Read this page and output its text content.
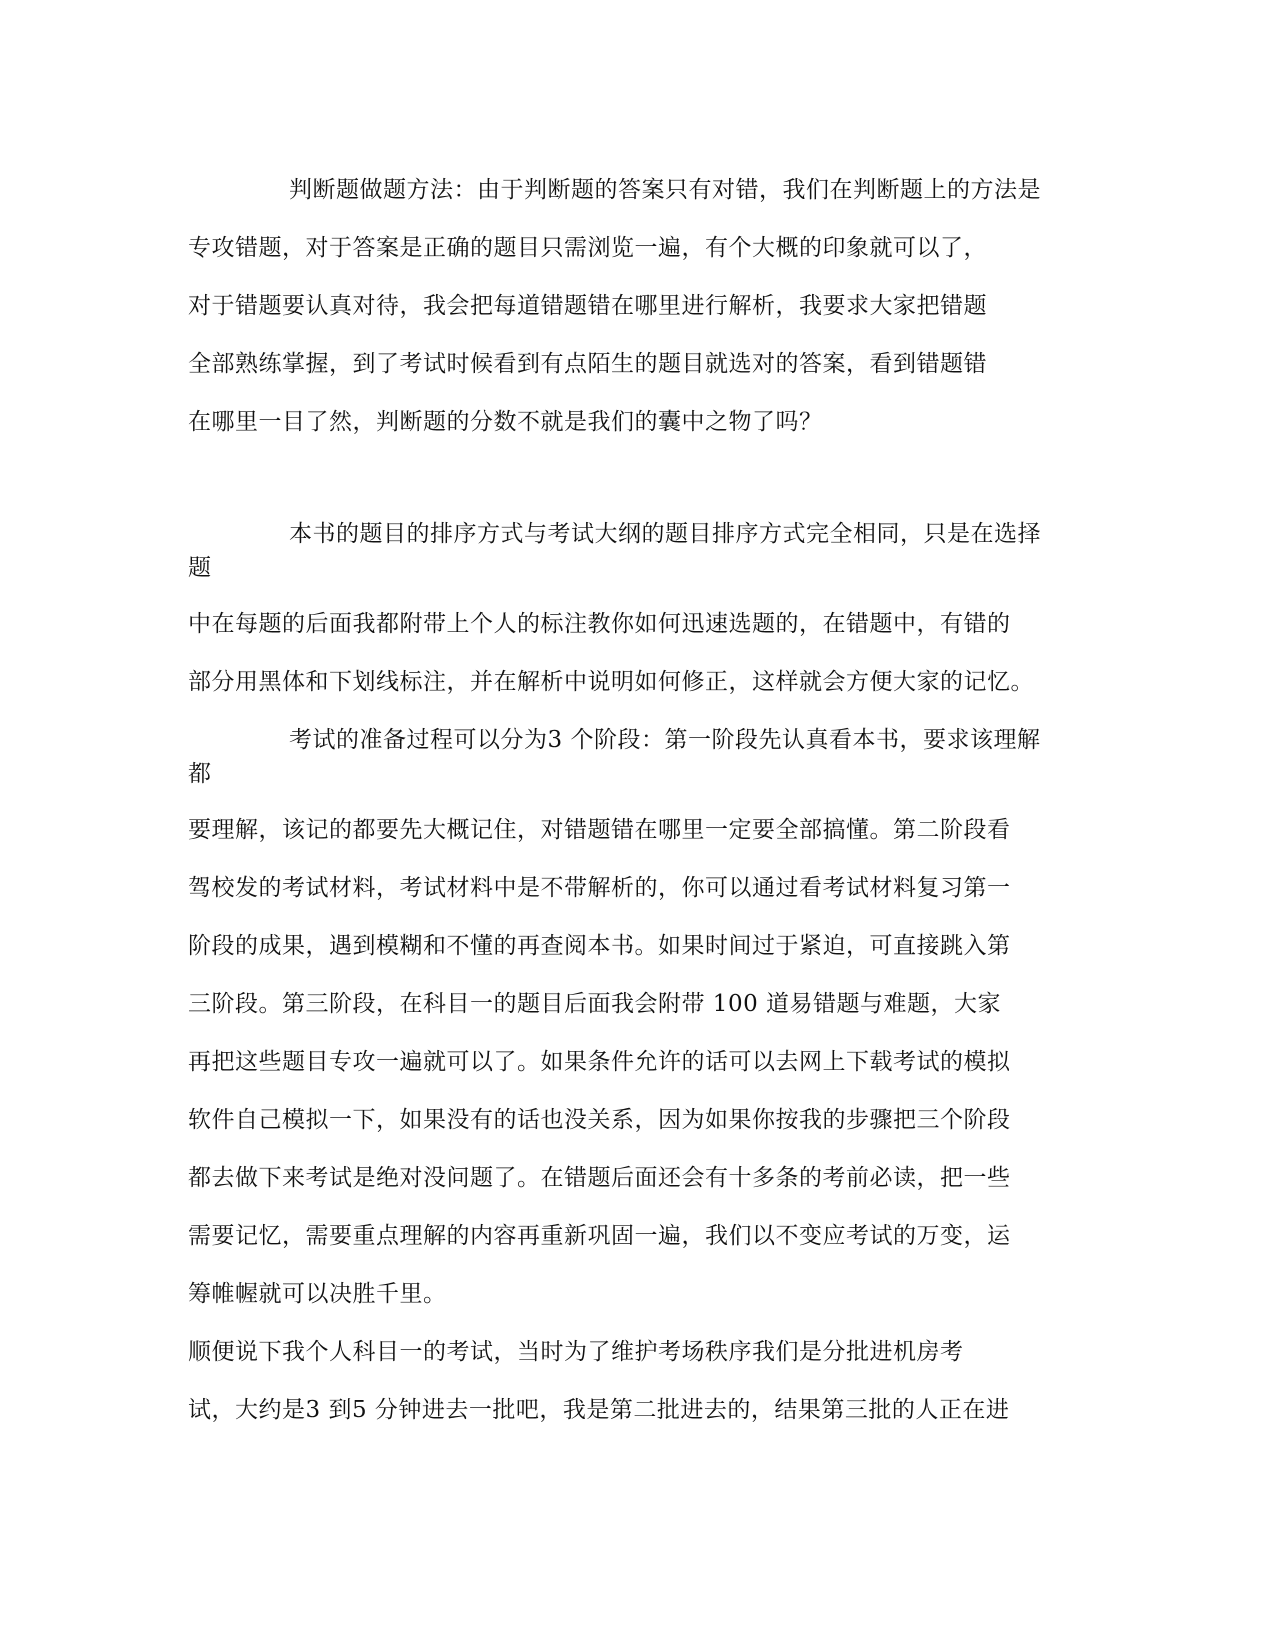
判断题做题方法：由于判断题的答案只有对错，我们在判断题上的方法是
专攻错题，对于答案是正确的题目只需浏览一遍，有个大概的印象就可以了，
对于错题要认真对待，我会把每道错题错在哪里进行解析，我要求大家把错题
全部熟练掌握，到了考试时候看到有点陌生的题目就选对的答案，看到错题错
在哪里一目了然，判断题的分数不就是我们的囊中之物了吗？
本书的题目的排序方式与考试大纲的题目排序方式完全相同，只是在选择
题
中在每题的后面我都附带上个人的标注教你如何迅速选题的，在错题中，有错的
部分用黑体和下划线标注，并在解析中说明如何修正，这样就会方便大家的记忆。
考试的准备过程可以分为3 个阶段：第一阶段先认真看本书，要求该理解
都
要理解，该记的都要先大概记住，对错题错在哪里一定要全部搞懂。第二阶段看
驾校发的考试材料，考试材料中是不带解析的，你可以通过看考试材料复习第一
阶段的成果，遇到模糊和不懂的再查阅本书。如果时间过于紧迫，可直接跳入第
三阶段。第三阶段，在科目一的题目后面我会附带 100 道易错题与难题，大家
再把这些题目专攻一遍就可以了。如果条件允许的话可以去网上下载考试的模拟
软件自己模拟一下，如果没有的话也没关系，因为如果你按我的步骤把三个阶段
都去做下来考试是绝对没问题了。在错题后面还会有十多条的考前必读，把一些
需要记忆，需要重点理解的内容再重新巩固一遍，我们以不变应考试的万变，运
筹帷幄就可以决胜千里。
顺便说下我个人科目一的考试，当时为了维护考场秩序我们是分批进机房考
试，大约是3 到5 分钟进去一批吧，我是第二批进去的，结果第三批的人正在进
